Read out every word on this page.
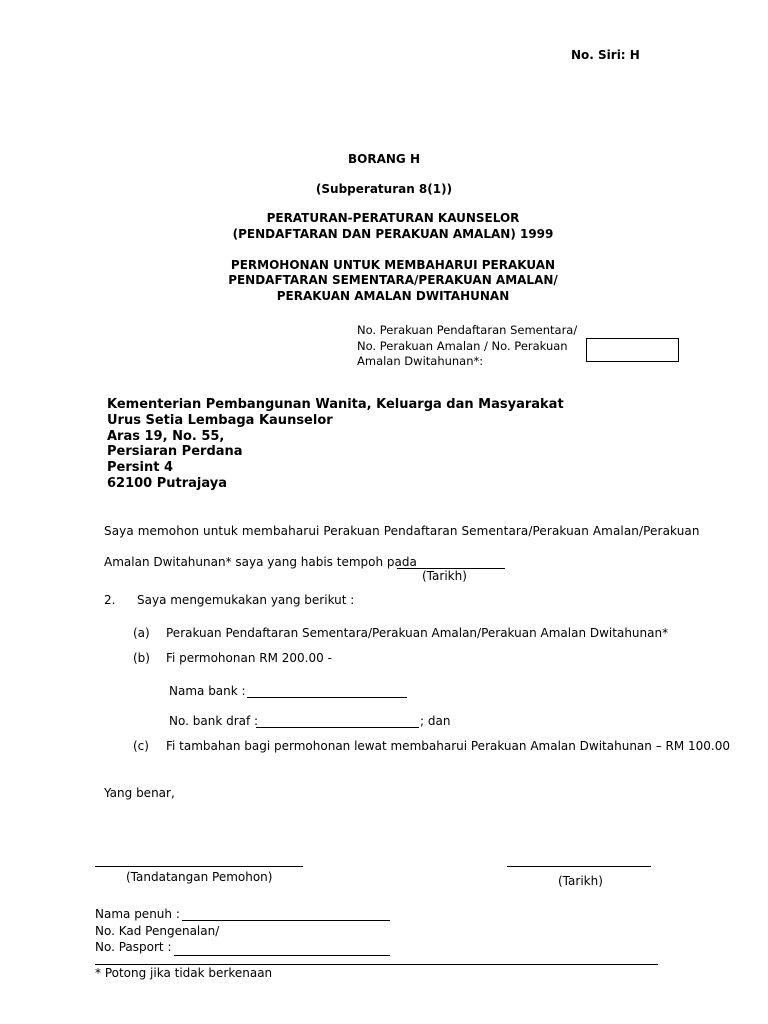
No. Siri: H
BORANG H
(Subperaturan 8(1))
PERATURAN-PERATURAN KAUNSELOR
(PENDAFTARAN DAN PERAKUAN AMALAN) 1999
PERMOHONAN UNTUK MEMBAHARUI PERAKUAN
PENDAFTARAN SEMENTARA/PERAKUAN AMALAN/
PERAKUAN AMALAN DWITAHUNAN
No. Perakuan Pendaftaran Sementara/
No. Perakuan Amalan / No. Perakuan
Amalan Dwitahunan*:
Kementerian Pembangunan Wanita, Keluarga dan Masyarakat
Urus Setia Lembaga Kaunselor
Aras 19, No. 55,
Persiaran Perdana
Persint 4
62100 Putrajaya
Saya memohon untuk membaharui Perakuan Pendaftaran Sementara/Perakuan Amalan/Perakuan
Amalan Dwitahunan* saya yang habis tempoh pada
(Tarikh)
2. Saya mengemukakan yang berikut :
(a) Perakuan Pendaftaran Sementara/Perakuan Amalan/Perakuan Amalan Dwitahunan*
(b) Fi permohonan RM 200.00 -
Nama bank :
No. bank draf :	; dan
(c) Fi tambahan bagi permohonan lewat membaharui Perakuan Amalan Dwitahunan – RM 100.00
Yang benar,
(Tandatangan Pemohon)	(Tarikh)
Nama penuh :
No. Kad Pengenalan/
No. Pasport :
* Potong jika tidak berkenaan
